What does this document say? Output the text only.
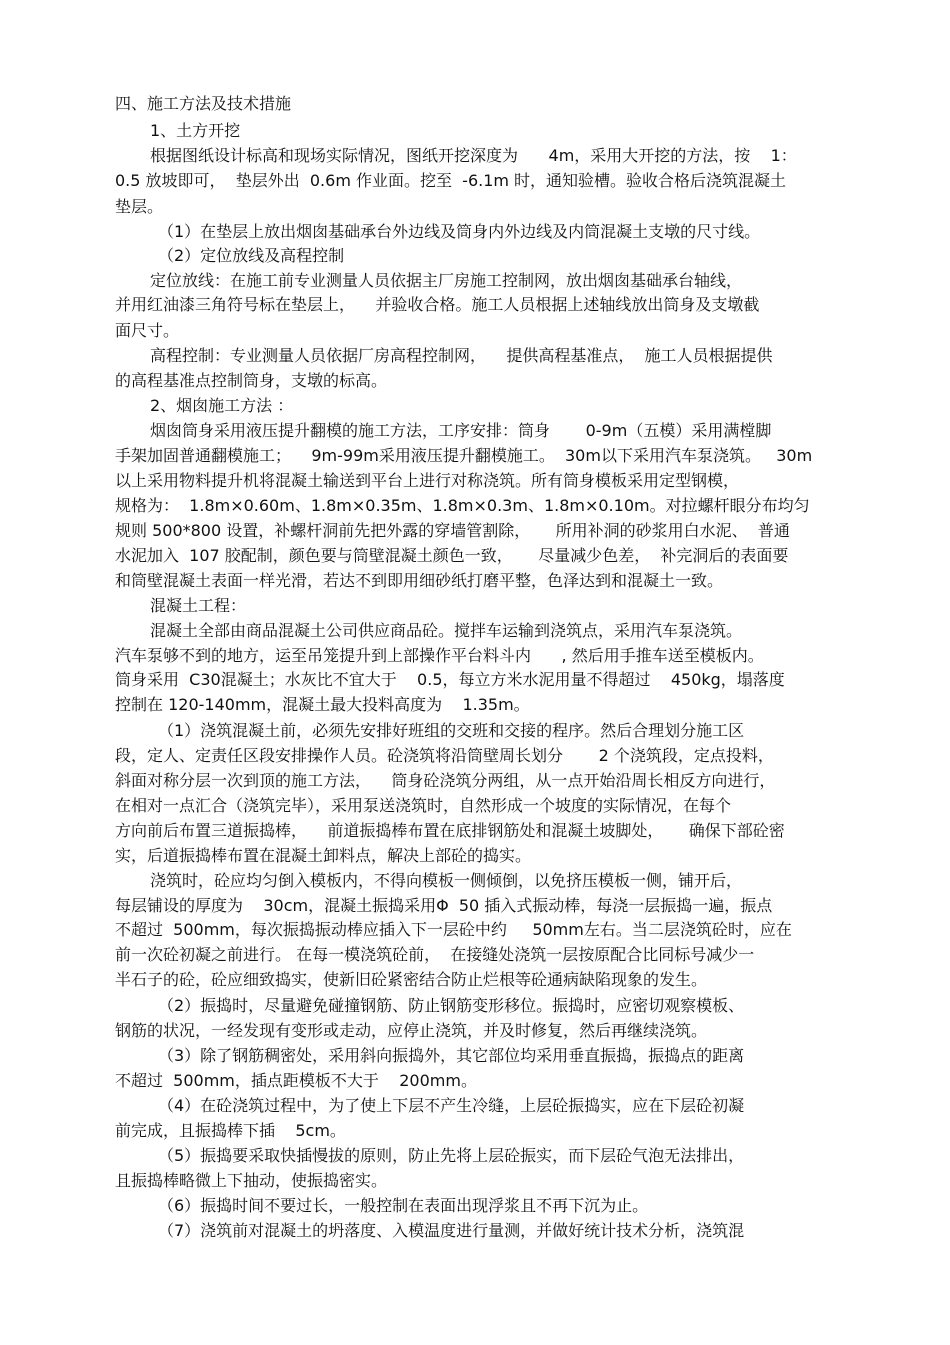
四、施工方法及技术措施
1、土方开挖
根据图纸设计标高和现场实际情况，图纸开挖深度为      4m，采用大开挖的方法，按    1：
0.5 放坡即可，  垫层外出  0.6m 作业面。挖至  -6.1m 时，通知验槽。验收合格后浇筑混凝土
垫层。
（1）在垫层上放出烟囱基础承台外边线及筒身内外边线及内筒混凝土支墩的尺寸线。
（2）定位放线及高程控制
定位放线：在施工前专业测量人员依据主厂房施工控制网，放出烟囱基础承台轴线，
并用红油漆三角符号标在垫层上，    并验收合格。施工人员根据上述轴线放出筒身及支墩截
面尺寸。
高程控制：专业测量人员依据厂房高程控制网，    提供高程基准点，  施工人员根据提供
的高程基准点控制筒身，支墩的标高。
2、烟囱施工方法 ：
烟囱筒身采用液压提升翻模的施工方法，工序安排：筒身       0-9m（五模）采用满樘脚
手架加固普通翻模施工；    9m-99m采用液压提升翻模施工。  30m以下采用汽车泵浇筑。   30m
以上采用物料提升机将混凝土输送到平台上进行对称浇筑。所有筒身模板采用定型钢模，
规格为：  1.8m×0.60m、1.8m×0.35m、1.8m×0.3m、1.8m×0.10m。对拉螺杆眼分布均匀
规则 500*800 设置，补螺杆洞前先把外露的穿墙管割除，     所用补洞的砂浆用白水泥、  普通
水泥加入  107 胶配制，颜色要与筒壁混凝土颜色一致，     尽量减少色差，  补完洞后的表面要
和筒壁混凝土表面一样光滑，若达不到即用细砂纸打磨平整，色泽达到和混凝土一致。
混凝土工程：
混凝土全部由商品混凝土公司供应商品砼。搅拌车运输到浇筑点，采用汽车泵浇筑。
汽车泵够不到的地方，运至吊笼提升到上部操作平台料斗内      , 然后用手推车送至模板内。
筒身采用  C30混凝土；水灰比不宜大于    0.5，每立方米水泥用量不得超过    450kg，塌落度
控制在 120-140mm，混凝土最大投料高度为    1.35m。
（1）浇筑混凝土前，必须先安排好班组的交班和交接的程序。然后合理划分施工区
段，定人、定责任区段安排操作人员。砼浇筑将沿筒壁周长划分       2 个浇筑段，定点投料，
斜面对称分层一次到顶的施工方法，    筒身砼浇筑分两组，从一点开始沿周长相反方向进行，
在相对一点汇合（浇筑完毕），采用泵送浇筑时，自然形成一个坡度的实际情况，在每个
方向前后布置三道振捣棒，    前道振捣棒布置在底排钢筋处和混凝土坡脚处，     确保下部砼密
实，后道振捣棒布置在混凝土卸料点，解决上部砼的捣实。
浇筑时，砼应均匀倒入模板内，不得向模板一侧倾倒，以免挤压模板一侧，铺开后，
每层铺设的厚度为    30cm，混凝土振捣采用Φ  50 插入式振动棒，每浇一层振捣一遍，振点
不超过  500mm，每次振捣振动棒应插入下一层砼中约     50mm左右。当二层浇筑砼时，应在
前一次砼初凝之前进行。 在每一模浇筑砼前，  在接缝处浇筑一层按原配合比同标号减少一
半石子的砼，砼应细致捣实，使新旧砼紧密结合防止烂根等砼通病缺陷现象的发生。
（2）振捣时，尽量避免碰撞钢筋、防止钢筋变形移位。振捣时，应密切观察模板、
钢筋的状况，一经发现有变形或走动，应停止浇筑，并及时修复，然后再继续浇筑。
（3）除了钢筋稠密处，采用斜向振捣外，其它部位均采用垂直振捣，振捣点的距离
不超过  500mm，插点距模板不大于    200mm。
（4）在砼浇筑过程中，为了使上下层不产生冷缝，上层砼振捣实，应在下层砼初凝
前完成，且振捣棒下插    5cm。
（5）振捣要采取快插慢拔的原则，防止先将上层砼振实，而下层砼气泡无法排出，
且振捣棒略微上下抽动，使振捣密实。
（6）振捣时间不要过长，一般控制在表面出现浮浆且不再下沉为止。
（7）浇筑前对混凝土的坍落度、入模温度进行量测，并做好统计技术分析，浇筑混
